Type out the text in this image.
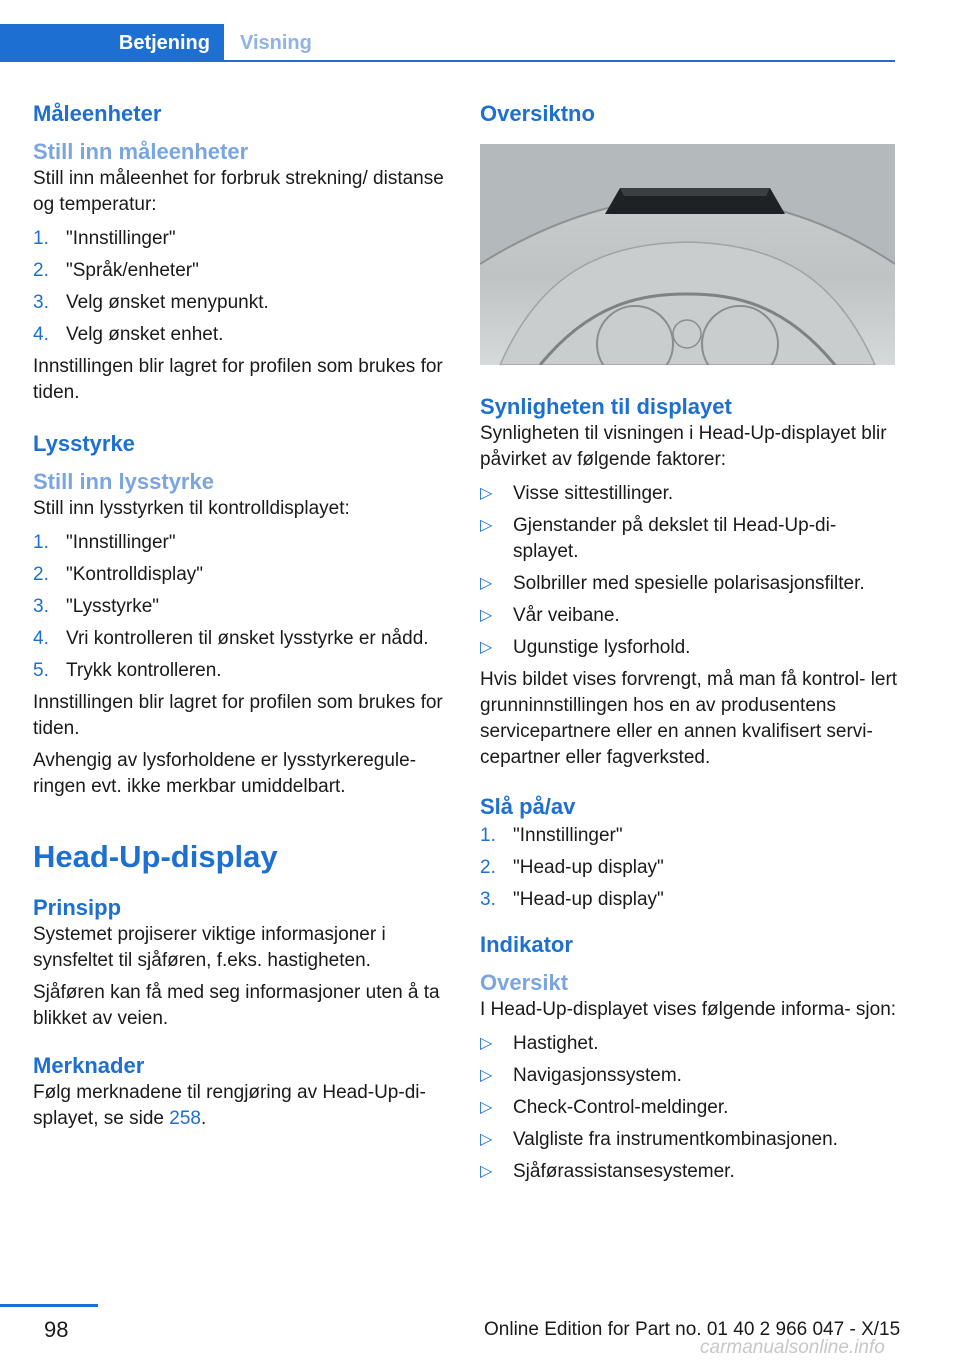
Betjening	Visning
Måleenheter
Still inn måleenheter
Still inn måleenhet for forbruk strekning/ distanse og temperatur:
1. "Innstillinger"
2. "Språk/enheter"
3. Velg ønsket menypunkt.
4. Velg ønsket enhet.
Innstillingen blir lagret for profilen som brukes for tiden.
Lysstyrke
Still inn lysstyrke
Still inn lysstyrken til kontrolldisplayet:
1. "Innstillinger"
2. "Kontrolldisplay"
3. "Lysstyrke"
4. Vri kontrolleren til ønsket lysstyrke er nådd.
5. Trykk kontrolleren.
Innstillingen blir lagret for profilen som brukes for tiden.
Avhengig av lysforholdene er lysstyrkeregule- ringen evt. ikke merkbar umiddelbart.
Head-Up-display
Prinsipp
Systemet projiserer viktige informasjoner i synsfeltet til sjåføren, f.eks. hastigheten.
Sjåføren kan få med seg informasjoner uten å ta blikket av veien.
Merknader
Følg merknadene til rengjøring av Head-Up-di- splayet, se side 258.
Oversiktno
Synligheten til displayet
Synligheten til visningen i Head-Up-displayet blir påvirket av følgende faktorer:
▷ Visse sittestillinger.
▷ Gjenstander på dekslet til Head-Up-di- splayet.
▷ Solbriller med spesielle polarisasjonsfilter.
▷ Vår veibane.
▷ Ugunstige lysforhold.
Hvis bildet vises forvrengt, må man få kontrol- lert grunninnstillingen hos en av produsentens servicepartnere eller en annen kvalifisert servi- cepartner eller fagverksted.
Slå på/av
1. "Innstillinger"
2. "Head-up display"
3. "Head-up display"
Indikator
Oversikt
I Head-Up-displayet vises følgende informa- sjon:
▷ Hastighet.
▷ Navigasjonssystem.
▷ Check-Control-meldinger.
▷ Valgliste fra instrumentkombinasjonen.
▷ Sjåførassistansesystemer.
98	Online Edition for Part no. 01 40 2 966 047 - X/15
carmanualsonline.info
